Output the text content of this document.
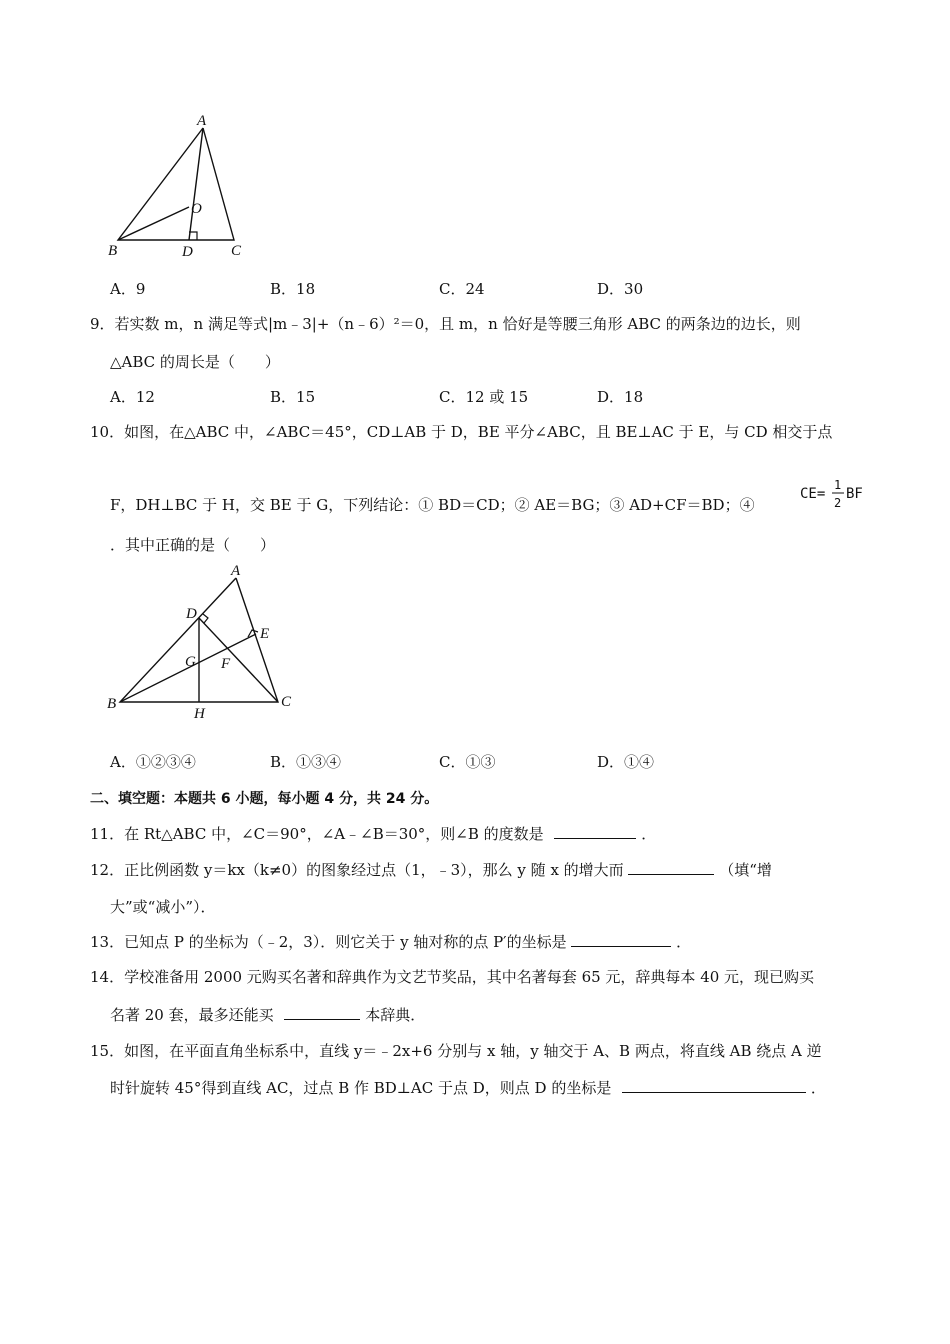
A
O
B	D	C
A．9	B．18	C．24	D．30
9．若实数 m，n 满足等式|m﹣3|+（n﹣6）²＝0，且 m，n 恰好是等腰三角形 ABC 的两条边的边长，则
△ABC 的周长是（　　）
A．12	B．15	C．12 或 15	D．18
10．如图，在△ABC 中，∠ABC＝45°，CD⊥AB 于 D，BE 平分∠ABC，且 BE⊥AC 于 E，与 CD 相交于点
F，DH⊥BC 于 H，交 BE 于 G，下列结论：① BD＝CD；② AE＝BG；③ AD+CF＝BD；④
CE=
1
2
BF
．其中正确的是（　　）
A
D
E
G F
B
H
C
A．①②③④	B．①③④	C．①③	D．①④
二、填空题：本题共 6 小题，每小题 4 分，共 24 分。
11．在 Rt△ABC 中，∠C＝90°，∠A﹣∠B＝30°，则∠B 的度数是	．
12．正比例函数 y＝kx（k≠0）的图象经过点（1，﹣3），那么 y 随 x 的增大而	（填“增
大”或“减小”）．
13．已知点 P 的坐标为（﹣2，3）．则它关于 y 轴对称的点 P′的坐标是	．
14．学校准备用 2000 元购买名著和辞典作为文艺节奖品，其中名著每套 65 元，辞典每本 40 元，现已购买
名著 20 套，最多还能买	本辞典．
15．如图，在平面直角坐标系中，直线 y＝﹣2x+6 分别与 x 轴，y 轴交于 A、B 两点，将直线 AB 绕点 A 逆
时针旋转 45°得到直线 AC，过点 B 作 BD⊥AC 于点 D，则点 D 的坐标是	．
